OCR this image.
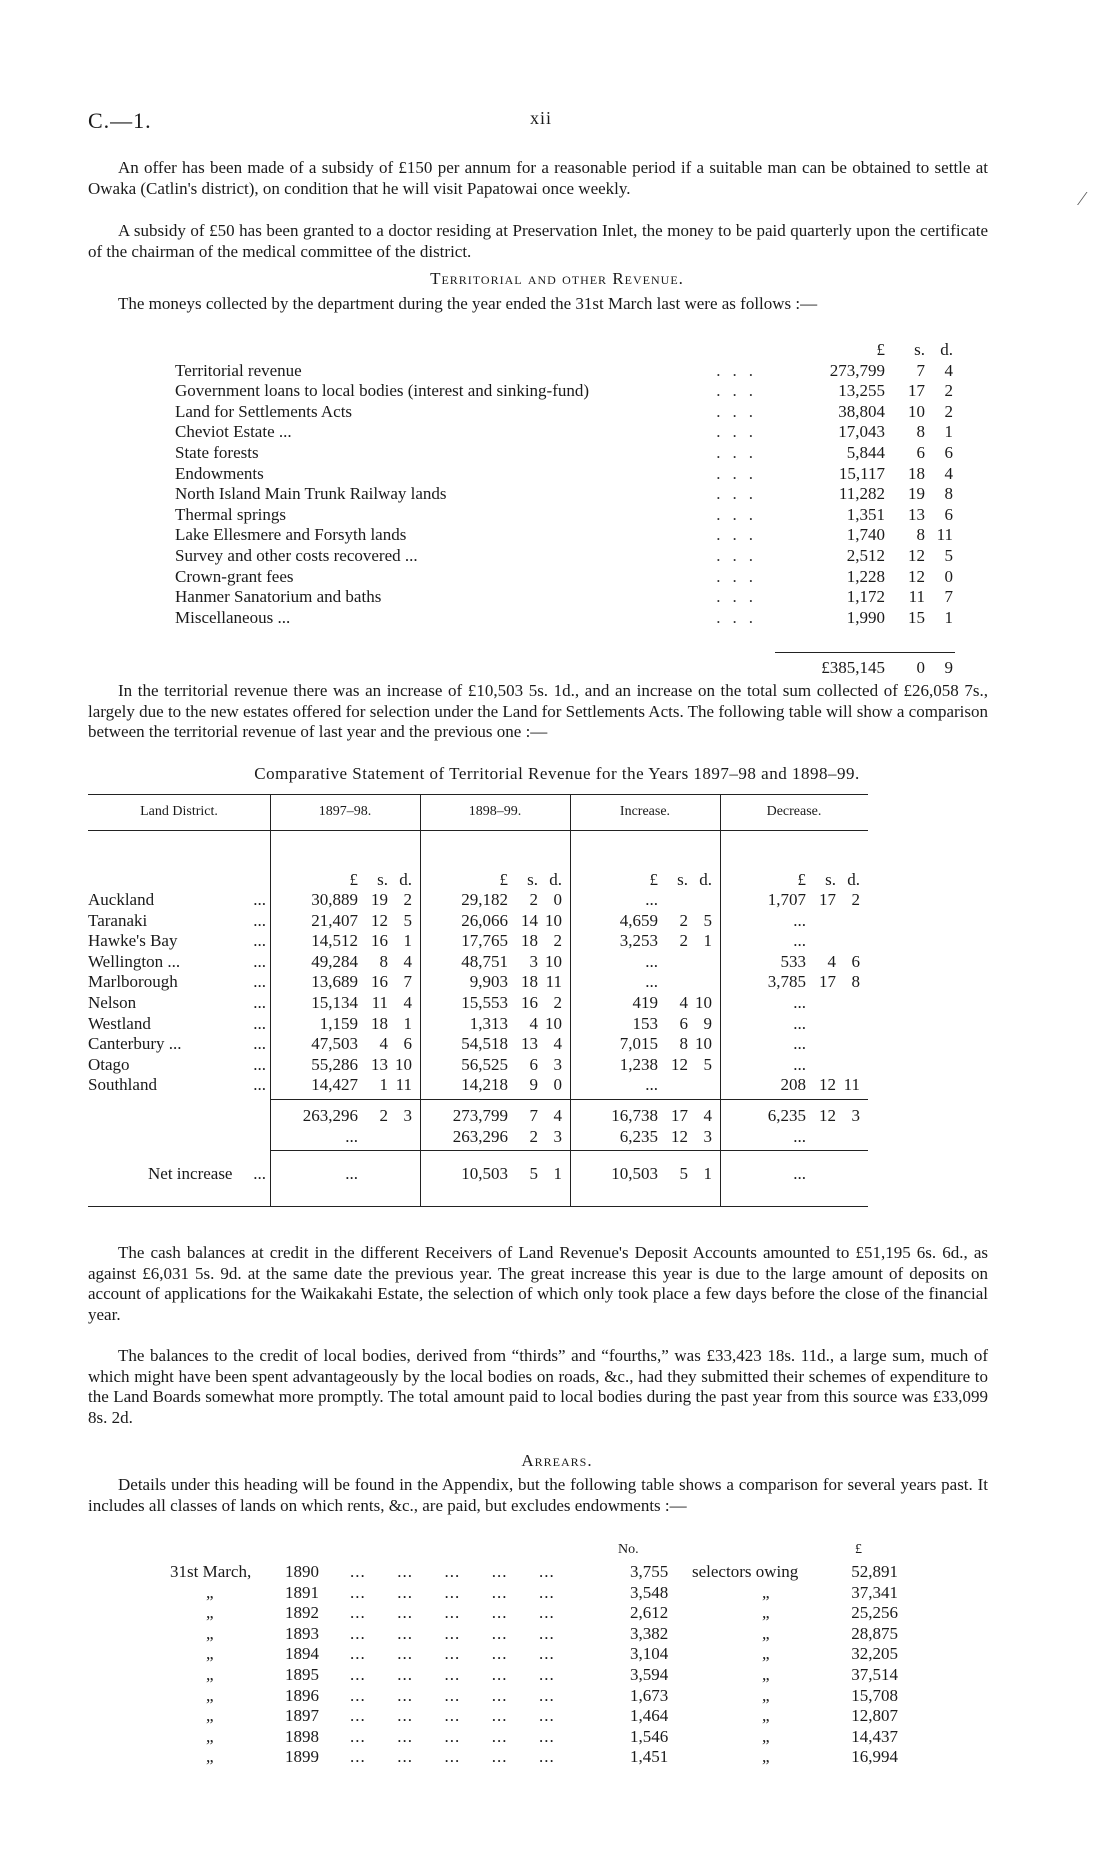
C.—1.	xii
⁄
An offer has been made of a subsidy of £150 per annum for a reasonable period if a suitable man can be obtained to settle at Owaka (Catlin's district), on condition that he will visit Papatowai once weekly.
A subsidy of £50 has been granted to a doctor residing at Preservation Inlet, the money to be paid quarterly upon the certificate of the chairman of the medical committee of the district.
Territorial and other Revenue.
The moneys collected by the department during the year ended the 31st March last were as follows :—
£	s. d.
Territorial revenue	...	273,799	7	4
Government loans to local bodies (interest and sinking-fund)	...	13,255	17	2
Land for Settlements Acts	...	38,804	10	2
Cheviot Estate ...	...	17,043	8	1
State forests	...	5,844	6	6
Endowments	...	15,117	18	4
North Island Main Trunk Railway lands	...	11,282	19	8
Thermal springs	...	1,351	13	6
Lake Ellesmere and Forsyth lands	...	1,740	8 11
Survey and other costs recovered ...	...	2,512	12	5
Crown-grant fees	...	1,228	12	0
Hanmer Sanatorium and baths	...	1,172	11	7
Miscellaneous ...	...	1,990	15	1
£385,145	0	9
In the territorial revenue there was an increase of £10,503 5s. 1d., and an increase on the total sum collected of £26,058 7s., largely due to the new estates offered for selection under the Land for Settlements Acts. The following table will show a comparison between the territorial revenue of last year and the previous one :—
Comparative Statement of Territorial Revenue for the Years 1897–98 and 1898–99.
Land District.	1897–98.	1898–99.	Increase.	Decrease.
£	s. d.	£	s. d.	£	s. d.	£	s. d.
Auckland	...	30,889 19 2	29,182	2 0	...	1,707 17 2
Taranaki	...	21,407 12 5	26,066 14 10	4,659	2 5	...
Hawke's Bay	...	14,512 16 1	17,765 18 2	3,253	2 1	...
Wellington ...	...	49,284	8 4	48,751	3 10	...	533	4 6
Marlborough	...	13,689 16 7	9,903 18 11	...	3,785 17 8
Nelson	...	15,134 11 4	15,553 16 2	419	4 10	...
Westland	...	1,159 18 1	1,313	4 10	153	6 9	...
Canterbury ...	...	47,503	4 6	54,518 13 4	7,015	8 10	...
Otago	...	55,286 13 10	56,525	6 3	1,238 12 5	...
Southland	...	14,427	1 11	14,218	9 0	...	208 12 11
263,296	2 3	273,799	7 4	16,738 17 4	6,235 12 3
...	263,296	2 3	6,235 12 3	...
Net increase	...	...	10,503	5 1	10,503	5 1	...
The cash balances at credit in the different Receivers of Land Revenue's Deposit Accounts amounted to £51,195 6s. 6d., as against £6,031 5s. 9d. at the same date the previous year. The great increase this year is due to the large amount of deposits on account of applications for the Waikakahi Estate, the selection of which only took place a few days before the close of the financial year.
The balances to the credit of local bodies, derived from “thirds” and “fourths,” was £33,423 18s. 11d., a large sum, much of which might have been spent advantageously by the local bodies on roads, &c., had they submitted their schemes of expenditure to the Land Boards somewhat more promptly. The total amount paid to local bodies during the past year from this source was £33,099 8s. 2d.
Arrears.
Details under this heading will be found in the Appendix, but the following table shows a comparison for several years past. It includes all classes of lands on which rents, &c., are paid, but excludes endowments :—
No.	£
31st March, 1890 ...      ...      ...      ...      ...	3,755 selectors owing	52,891
„	1891 ...      ...      ...      ...      ...	3,548	„	37,341
„	1892 ...      ...      ...      ...      ...	2,612	„	25,256
„	1893 ...      ...      ...      ...      ...	3,382	„	28,875
„	1894 ...      ...      ...      ...      ...	3,104	„	32,205
„	1895 ...      ...      ...      ...      ...	3,594	„	37,514
„	1896 ...      ...      ...      ...      ...	1,673	„	15,708
„	1897 ...      ...      ...      ...      ...	1,464	„	12,807
„	1898 ...      ...      ...      ...      ...	1,546	„	14,437
„	1899 ...      ...      ...      ...      ...	1,451	„	16,994
